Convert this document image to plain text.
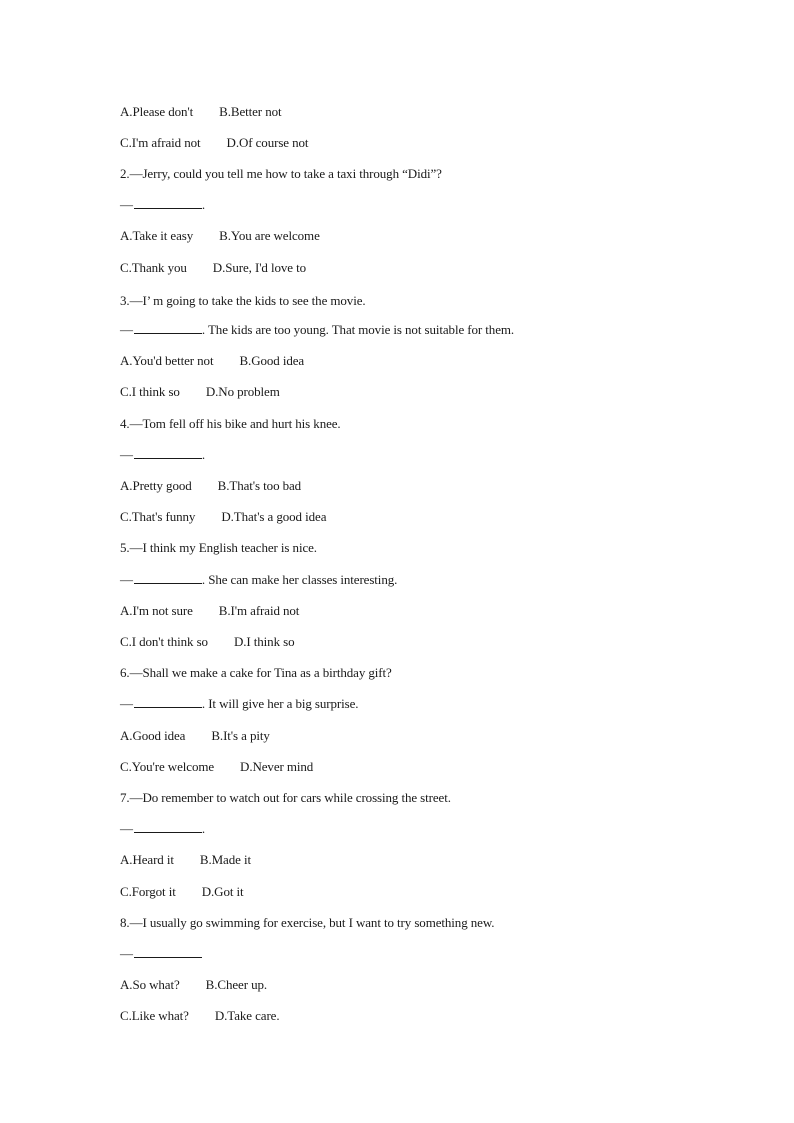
A.Please don't B.Better not
C.I'm afraid not D.Of course not
2.—Jerry, could you tell me how to take a taxi through “Didi”?
—	.
A.Take it easy B.You are welcome
C.Thank you D.Sure, I'd love to
3.—I’ m going to take the kids to see the movie.
—	. The kids are too young. That movie is not suitable for them.
A.You'd better not B.Good idea
C.I think so D.No problem
4.—Tom fell off his bike and hurt his knee.
—	.
A.Pretty good B.That's too bad
C.That's funny D.That's a good idea
5.—I think my English teacher is nice.
—	. She can make her classes interesting.
A.I'm not sure B.I'm afraid not
C.I don't think so D.I think so
6.—Shall we make a cake for Tina as a birthday gift?
—	. It will give her a big surprise.
A.Good idea B.It's a pity
C.You're welcome D.Never mind
7.—Do remember to watch out for cars while crossing the street.
—	.
A.Heard it B.Made it
C.Forgot it D.Got it
8.—I usually go swimming for exercise, but I want to try something new.
—
A.So what? B.Cheer up.
C.Like what? D.Take care.
